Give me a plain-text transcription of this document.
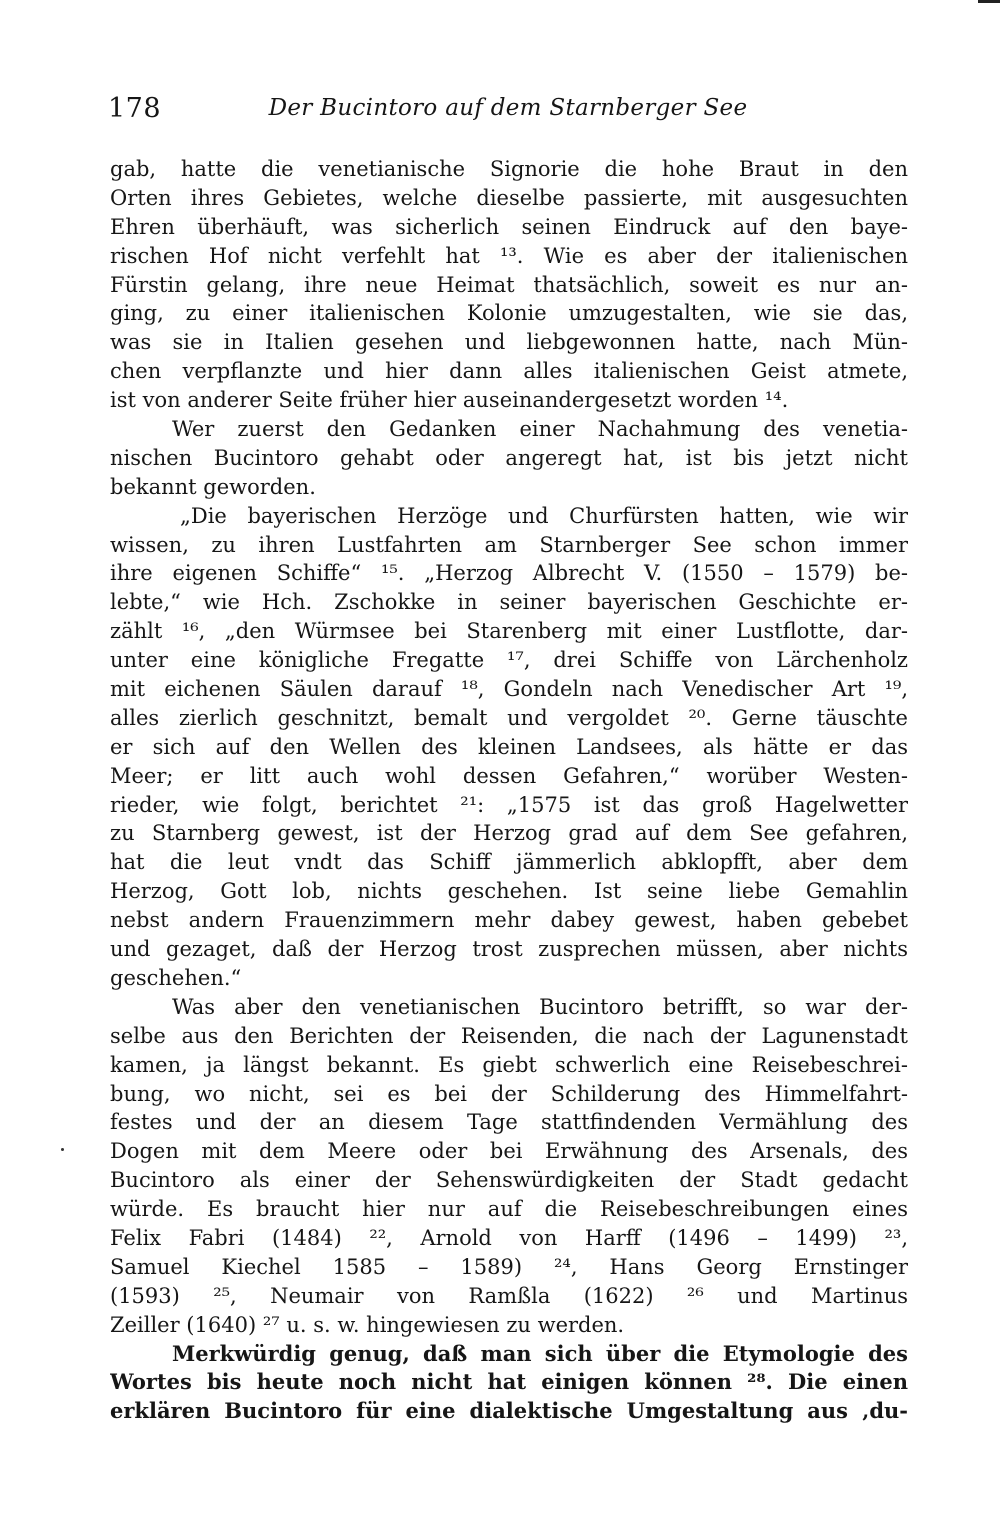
178	Der Bucintoro auf dem Starnberger See
gab, hatte die venetianische Signorie die hohe Braut in den
Orten ihres Gebietes, welche dieselbe passierte, mit ausgesuchten
Ehren überhäuft, was sicherlich seinen Eindruck auf den baye-
rischen Hof nicht verfehlt hat ¹³. Wie es aber der italienischen
Fürstin gelang, ihre neue Heimat thatsächlich, soweit es nur an-
ging, zu einer italienischen Kolonie umzugestalten, wie sie das,
was sie in Italien gesehen und liebgewonnen hatte, nach Mün-
chen verpflanzte und hier dann alles italienischen Geist atmete,
ist von anderer Seite früher hier auseinandergesetzt worden ¹⁴.
Wer zuerst den Gedanken einer Nachahmung des venetia-
nischen Bucintoro gehabt oder angeregt hat, ist bis jetzt nicht
bekannt geworden.
„Die bayerischen Herzöge und Churfürsten hatten, wie wir
wissen, zu ihren Lustfahrten am Starnberger See schon immer
ihre eigenen Schiffe“ ¹⁵. „Herzog Albrecht V. (1550 – 1579) be-
lebte,“ wie Hch. Zschokke in seiner bayerischen Geschichte er-
zählt ¹⁶, „den Würmsee bei Starenberg mit einer Lustflotte, dar-
unter eine königliche Fregatte ¹⁷, drei Schiffe von Lärchenholz
mit eichenen Säulen darauf ¹⁸, Gondeln nach Venedischer Art ¹⁹,
alles zierlich geschnitzt, bemalt und vergoldet ²⁰. Gerne täuschte
er sich auf den Wellen des kleinen Landsees, als hätte er das
Meer; er litt auch wohl dessen Gefahren,“ worüber Westen-
rieder, wie folgt, berichtet ²¹: „1575 ist das groß Hagelwetter
zu Starnberg gewest, ist der Herzog grad auf dem See gefahren,
hat die leut vndt das Schiff jämmerlich abklopfft, aber dem
Herzog, Gott lob, nichts geschehen. Ist seine liebe Gemahlin
nebst andern Frauenzimmern mehr dabey gewest, haben gebebet
und gezaget, daß der Herzog trost zusprechen müssen, aber nichts
geschehen.“
Was aber den venetianischen Bucintoro betrifft, so war der-
selbe aus den Berichten der Reisenden, die nach der Lagunenstadt
kamen, ja längst bekannt. Es giebt schwerlich eine Reisebeschrei-
bung, wo nicht, sei es bei der Schilderung des Himmelfahrt-
festes und der an diesem Tage stattfindenden Vermählung des
Dogen mit dem Meere oder bei Erwähnung des Arsenals, des
Bucintoro als einer der Sehenswürdigkeiten der Stadt gedacht
würde. Es braucht hier nur auf die Reisebeschreibungen eines
Felix Fabri (1484) ²², Arnold von Harff (1496 – 1499) ²³,
Samuel Kiechel 1585 – 1589) ²⁴, Hans Georg Ernstinger
(1593) ²⁵, Neumair von Ramßla (1622) ²⁶ und Martinus
Zeiller (1640) ²⁷ u. s. w. hingewiesen zu werden.
Merkwürdig genug, daß man sich über die Etymologie des
Wortes bis heute noch nicht hat einigen können ²⁸. Die einen
erklären Bucintoro für eine dialektische Umgestaltung aus ‚du-
